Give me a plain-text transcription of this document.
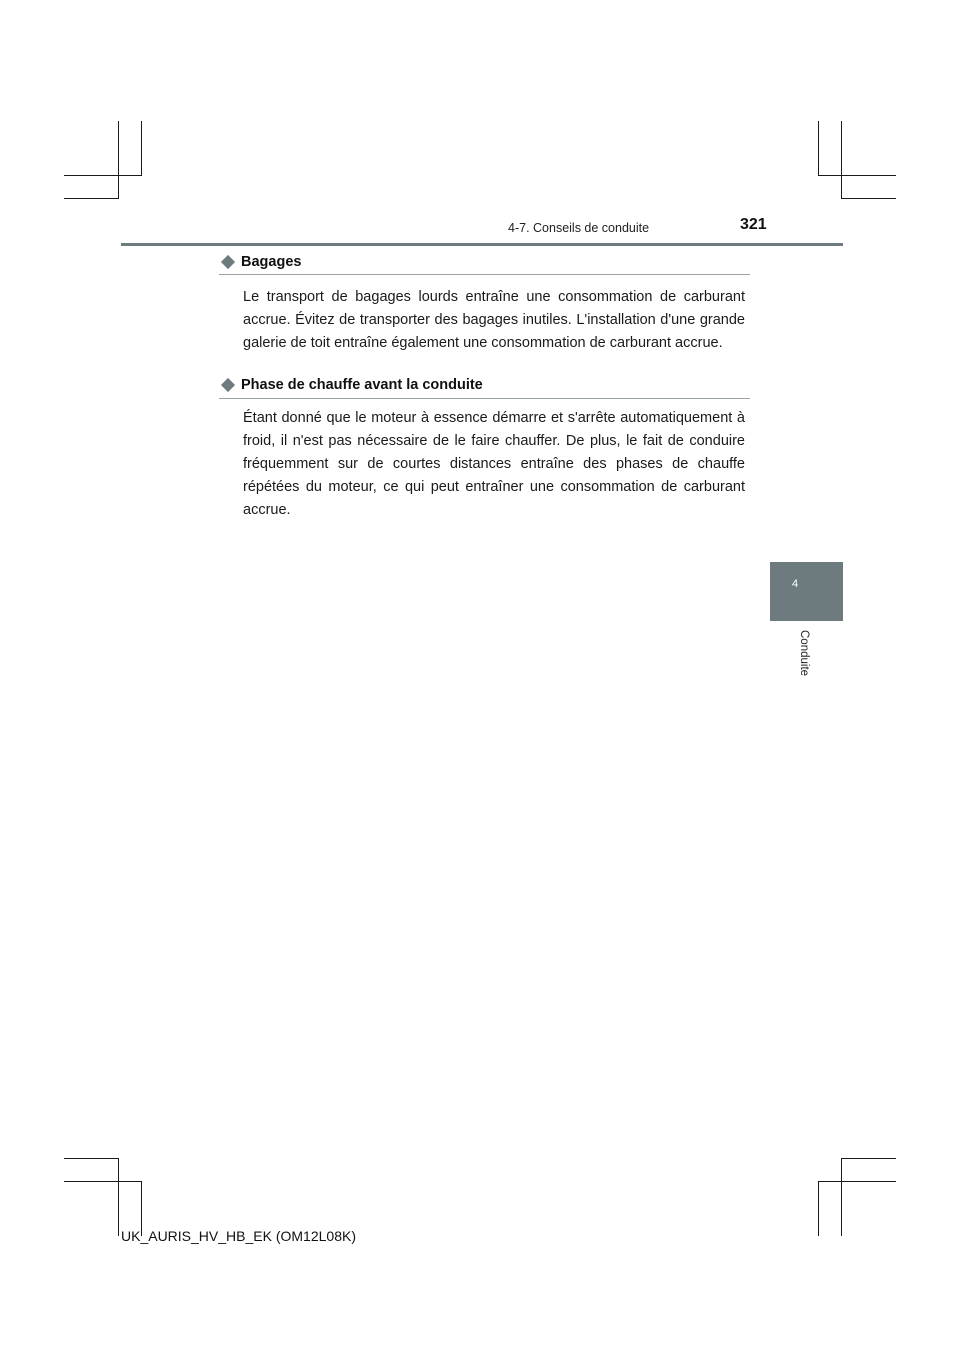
4-7. Conseils de conduite	321
Bagages

Le transport de bagages lourds entraîne une consommation de carburant accrue. Évitez de transporter des bagages inutiles. L'installation d'une grande galerie de toit entraîne également une consommation de carburant accrue.

Phase de chauffe avant la conduite

Étant donné que le moteur à essence démarre et s'arrête automatiquement à froid, il n'est pas nécessaire de le faire chauffer. De plus, le fait de conduire fréquemment sur de courtes distances entraîne des phases de chauffe répétées du moteur, ce qui peut entraîner une consommation de carburant accrue.

4
Conduite
UK_AURIS_HV_HB_EK (OM12L08K)
